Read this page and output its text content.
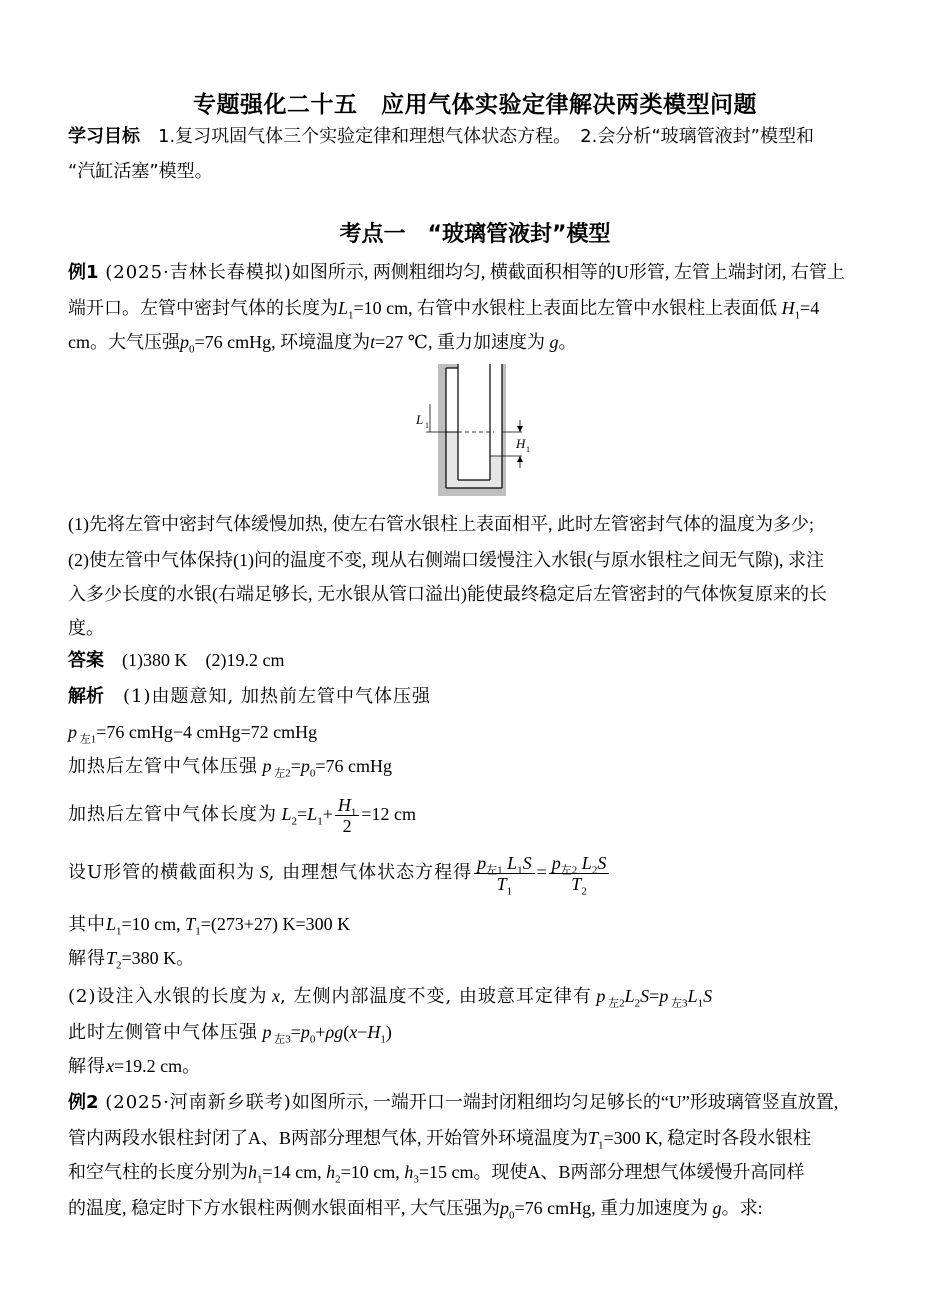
专题强化二十五　应用气体实验定律解决两类模型问题
学习目标　1.复习巩固气体三个实验定律和理想气体状态方程。　2.会分析“玻璃管液封”模型和
“汽缸活塞”模型。
考点一　“玻璃管液封”模型
例1 (2025·吉林长春模拟)如图所示, 两侧粗细均匀, 横截面积相等的U形管, 左管上端封闭, 右管上
端开口。左管中密封气体的长度为$L_1=10$ cm, 右管中水银柱上表面比左管中水银柱上表面低 $H_1=4$
cm。大气压强$p_0=76$ cmHg, 环境温度为t=27 ℃, 重力加速度为 g。
L 1
H 1
(1)先将左管中密封气体缓慢加热, 使左右管水银柱上表面相平, 此时左管密封气体的温度为多少;
(2)使左管中气体保持(1)问的温度不变, 现从右侧端口缓慢注入水银(与原水银柱之间无气隙), 求注
入多少长度的水银(右端足够长, 无水银从管口溢出)能使最终稳定后左管密封的气体恢复原来的长
度。
答案　(1)380 K　(2)19.2 cm
解析　(1)由题意知, 加热前左管中气体压强
p $_{左1}$=76 cmHg−4 cmHg=72 cmHg
加热后左管中气体压强 p $_{左2}=p_0=76$ cmHg
加热后左管中气体长度为 $L_2=L_1+ \frac{H_1}{2} =12$ cm
设U形管的横截面积为 S, 由理想气体状态方程得 $\frac{p_{左1} L_1S}{T_1} = \frac{p_{左2} L_2S}{T_2}$
其中$L_1=10$ cm, $T_1=(273+27)$ K=300 K
解得$T_2=380$ K。
(2)设注入水银的长度为 x, 左侧内部温度不变, 由玻意耳定律有 p $_{左2}L_2S=p$ $_{左3}L_1S$
此时左侧管中气体压强 p $_{左3}=p_0+\rho g(x-H_1)$
解得x=19.2 cm。
例2 (2025·河南新乡联考)如图所示, 一端开口一端封闭粗细均匀足够长的“U”形玻璃管竖直放置,
管内两段水银柱封闭了A、B两部分理想气体, 开始管外环境温度为$T_1=300$ K, 稳定时各段水银柱
和空气柱的长度分别为$h_1=14$ cm, $h_2=10$ cm, $h_3=15$ cm。现使A、B两部分理想气体缓慢升高同样
的温度, 稳定时下方水银柱两侧水银面相平, 大气压强为$p_0=76$ cmHg, 重力加速度为 g。求:
